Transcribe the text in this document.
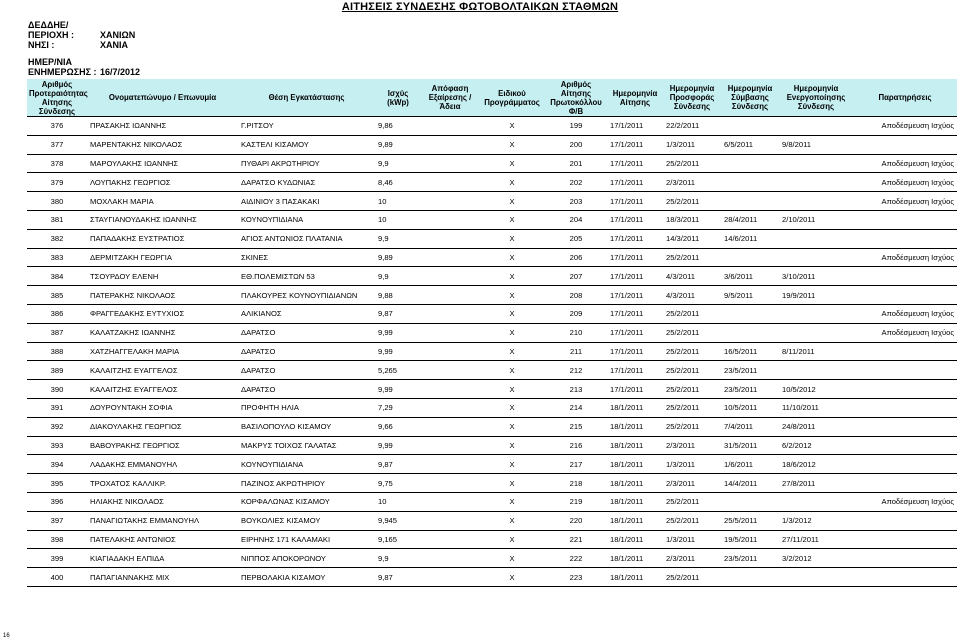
ΑΙΤΗΣΕΙΣ ΣΥΝΔΕΣΗΣ ΦΩΤΟΒΟΛΤΑΙΚΩΝ ΣΤΑΘΜΩΝ
ΔΕΔΔΗΕ/
ΠΕΡΙΟΧΗ :	ΧΑΝΙΩΝ
ΝΗΣΙ :	ΧΑΝΙΑ
ΗΜΕΡ/ΝΙΑ
ΕΝΗΜΕΡΩΣΗΣ : 16/7/2012
Αριθμός Προτεραιότητας Αίτησης Σύνδεσης	Ονοματεπώνυμο / Επωνυμία	Θέση Εγκατάστασης	Ισχύς (kWp)	Απόφαση Εξαίρεσης / Άδεια	Ειδικού Προγράμματος	Αριθμός Αίτησης Πρωτοκόλλου Φ/Β	Ημερομηνία Αίτησης	Ημερομηνία Προσφοράς Σύνδεσης	Ημερομηνία Σύμβασης Σύνδεσης	Ημερομηνία Ενεργοποίησης Σύνδεσης	Παρατηρήσεις
376	ΠΡΑΣΑΚΗΣ ΙΩΑΝΝΗΣ	Γ.ΡΙΤΣΟΥ	9,86		X	199	17/1/2011	22/2/2011			Αποδέσμευση Ισχύος
377	ΜΑΡΕΝΤΑΚΗΣ ΝΙΚΟΛΑΟΣ	ΚΑΣΤΕΛΙ ΚΙΣΑΜΟΥ	9,89		X	200	17/1/2011	1/3/2011	6/5/2011	9/8/2011	
378	ΜΑΡΟΥΛΑΚΗΣ ΙΩΑΝΝΗΣ	ΠΥΘΑΡΙ ΑΚΡΩΤΗΡΙΟΥ	9,9		X	201	17/1/2011	25/2/2011			Αποδέσμευση Ισχύος
379	ΛΟΥΠΑΚΗΣ ΓΕΩΡΓΙΟΣ	ΔΑΡΑΤΣΟ ΚΥΔΩΝΙΑΣ	8,46		X	202	17/1/2011	2/3/2011			Αποδέσμευση Ισχύος
380	ΜΟΧΛΑΚΗ ΜΑΡΙΑ	ΑΙΔΙΝΙΟΥ 3 ΠΑΣΑΚΑΚΙ	10		X	203	17/1/2011	25/2/2011			Αποδέσμευση Ισχύος
381	ΣΤΑΥΓΙΑΝΟΥΔΑΚΗΣ ΙΩΑΝΝΗΣ	ΚΟΥΝΟΥΠΙΔΙΑΝΑ	10		X	204	17/1/2011	18/3/2011	28/4/2011	2/10/2011	
382	ΠΑΠΑΔΑΚΗΣ ΕΥΣΤΡΑΤΙΟΣ	ΑΓΙΟΣ ΑΝΤΩΝΙΟΣ ΠΛΑΤΑΝΙΑ	9,9		X	205	17/1/2011	14/3/2011	14/6/2011		
383	ΔΕΡΜΙΤΖΑΚΗ ΓΕΩΡΓΙΑ	ΣΚΙΝΕΣ	9,89		X	206	17/1/2011	25/2/2011			Αποδέσμευση Ισχύος
384	ΤΣΟΥΡΔΟΥ ΕΛΕΝΗ	ΕΘ.ΠΟΛΕΜΙΣΤΩΝ 53	9,9		X	207	17/1/2011	4/3/2011	3/6/2011	3/10/2011	
385	ΠΑΤΕΡΑΚΗΣ ΝΙΚΟΛΑΟΣ	ΠΛΑΚΟΥΡΕΣ ΚΟΥΝΟΥΠΙΔΙΑΝΩΝ	9,88		X	208	17/1/2011	4/3/2011	9/5/2011	19/9/2011	
386	ΦΡΑΓΓΕΔΑΚΗΣ ΕΥΤΥΧΙΟΣ	ΑΛΙΚΙΑΝΟΣ	9,87		X	209	17/1/2011	25/2/2011			Αποδέσμευση Ισχύος
387	ΚΑΛΑΤΖΑΚΗΣ ΙΩΑΝΝΗΣ	ΔΑΡΑΤΣΟ	9,99		X	210	17/1/2011	25/2/2011			Αποδέσμευση Ισχύος
388	ΧΑΤΖΗΑΓΓΕΛΑΚΗ ΜΑΡΙΑ	ΔΑΡΑΤΣΟ	9,99		X	211	17/1/2011	25/2/2011	16/5/2011	8/11/2011	
389	ΚΑΛΑΙΤΖΗΣ ΕΥΑΓΓΕΛΟΣ	ΔΑΡΑΤΣΟ	5,265		X	212	17/1/2011	25/2/2011	23/5/2011		
390	ΚΑΛΑΙΤΖΗΣ ΕΥΑΓΓΕΛΟΣ	ΔΑΡΑΤΣΟ	9,99		X	213	17/1/2011	25/2/2011	23/5/2011	10/5/2012	
391	ΔΟΥΡΟΥΝΤΑΚΗ ΣΟΦΙΑ	ΠΡΟΦΗΤΗ ΗΛΙΑ	7,29		X	214	18/1/2011	25/2/2011	10/5/2011	11/10/2011	
392	ΔΙΑΚΟΥΛΑΚΗΣ ΓΕΩΡΓΙΟΣ	ΒΑΣΙΛΟΠΟΥΛΟ ΚΙΣΑΜΟΥ	9,66		X	215	18/1/2011	25/2/2011	7/4/2011	24/8/2011	
393	ΒΑΒΟΥΡΑΚΗΣ ΓΕΩΡΓΙΟΣ	ΜΑΚΡΥΣ ΤΟΙΧΟΣ ΓΑΛΑΤΑΣ	9,99		X	216	18/1/2011	2/3/2011	31/5/2011	6/2/2012	
394	ΛΑΔΑΚΗΣ ΕΜΜΑΝΟΥΗΛ	ΚΟΥΝΟΥΠΙΔΙΑΝΑ	9,87		X	217	18/1/2011	1/3/2011	1/6/2011	18/6/2012	
395	ΤΡΟΧΑΤΟΣ ΚΑΛΛΙΚΡ.	ΠΑΖΙΝΟΣ ΑΚΡΩΤΗΡΙΟΥ	9,75		X	218	18/1/2011	2/3/2011	14/4/2011	27/8/2011	
396	ΗΛΙΑΚΗΣ ΝΙΚΟΛΑΟΣ	ΚΟΡΦΑΛΩΝΑΣ ΚΙΣΑΜΟΥ	10		X	219	18/1/2011	25/2/2011			Αποδέσμευση Ισχύος
397	ΠΑΝΑΓΙΩΤΑΚΗΣ ΕΜΜΑΝΟΥΗΛ	ΒΟΥΚΟΛΙΕΣ ΚΙΣΑΜΟΥ	9,945		X	220	18/1/2011	25/2/2011	25/5/2011	1/3/2012	
398	ΠΑΤΕΛΑΚΗΣ ΑΝΤΩΝΙΟΣ	ΕΙΡΗΝΗΣ 171 ΚΑΛΑΜΑΚΙ	9,165		X	221	18/1/2011	1/3/2011	19/5/2011	27/11/2011	
399	ΚΙΑΓΙΑΔΑΚΗ ΕΛΠΙΔΑ	ΝΙΠΠΟΣ ΑΠΟΚΟΡΩΝΟΥ	9,9		X	222	18/1/2011	2/3/2011	23/5/2011	3/2/2012	
400	ΠΑΠΑΓΙΑΝΝΑΚΗΣ ΜΙΧ	ΠΕΡΒΟΛΑΚΙΑ ΚΙΣΑΜΟΥ	9,87		X	223	18/1/2011	25/2/2011			
16
